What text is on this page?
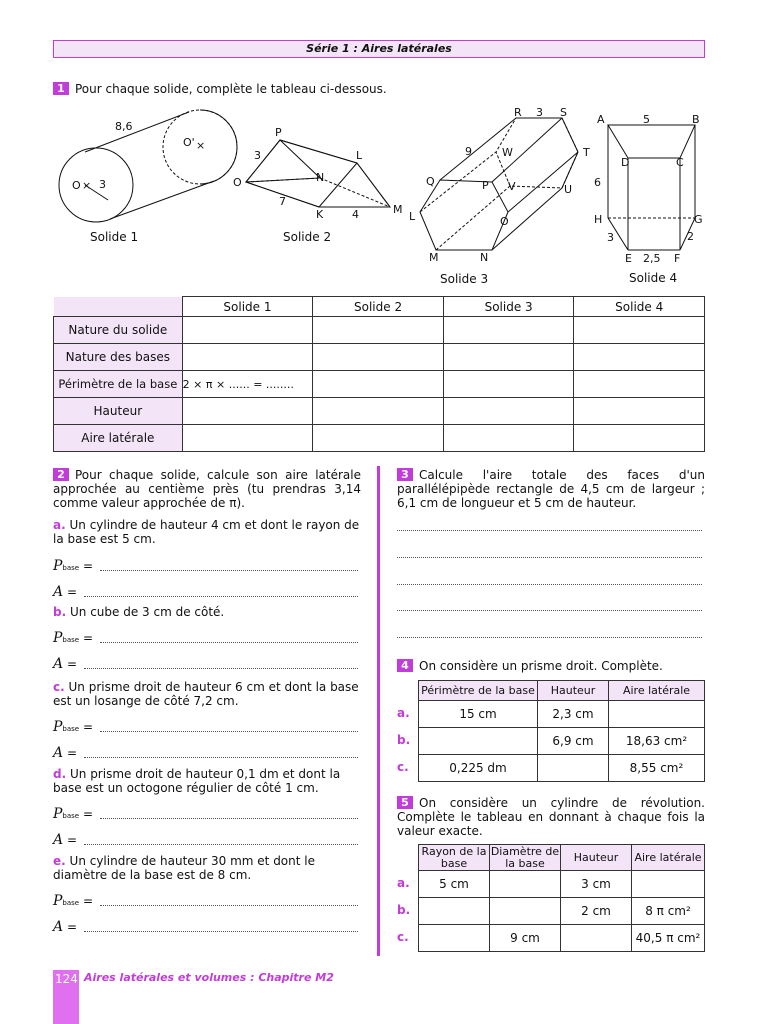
Série 1 : Aires latérales
1 Pour chaque solide, complète le tableau ci-dessous.
8,6
O' ×
O × 3
Solide 1
P
3	L
O	N
7
K	4	M
Solide 2
R 3 S
9	W	T
Q	P V	U
L	O
M	N
Solide 3
A	5	B
D	C
6
H	G
3	2
E 2,5 F
Solide 4
	Solide 1	Solide 2	Solide 3	Solide 4
Nature du solide				
Nature des bases				
Périmètre de la base	2 × π × ...... = ........			
Hauteur				
Aire latérale				
2 Pour chaque solide, calcule son aire latérale approchée au centième près (tu prendras 3,14 comme valeur approchée de π).
a. Un cylindre de hauteur 4 cm et dont le rayon de la base est 5 cm.
b. Un cube de 3 cm de côté.
c. Un prisme droit de hauteur 6 cm et dont la base est un losange de côté 7,2 cm.
d. Un prisme droit de hauteur 0,1 dm et dont la base est un octogone régulier de côté 1 cm.
e. Un cylindre de hauteur 30 mm et dont le diamètre de la base est de 8 cm.
Pbase =
A =
Pbase =
A =
Pbase =
A =
Pbase =
A =
Pbase =
A =
3 Calcule l'aire totale des faces d'un parallélépipède rectangle de 4,5 cm de largeur ; 6,1 cm de longueur et 5 cm de hauteur.
4 On considère un prisme droit. Complète.
Périmètre de la base	Hauteur	Aire latérale
15 cm	2,3 cm	
	6,9 cm	18,63 cm²
0,225 dm		8,55 cm²
a.
b.
c.
5 On considère un cylindre de révolution. Complète le tableau en donnant à chaque fois la valeur exacte.
Rayon de la base	Diamètre de la base	Hauteur	Aire latérale
5 cm		3 cm	
		2 cm	8 π cm²
	9 cm		40,5 π cm²
a.
b.
c.
124 Aires latérales et volumes : Chapitre M2
